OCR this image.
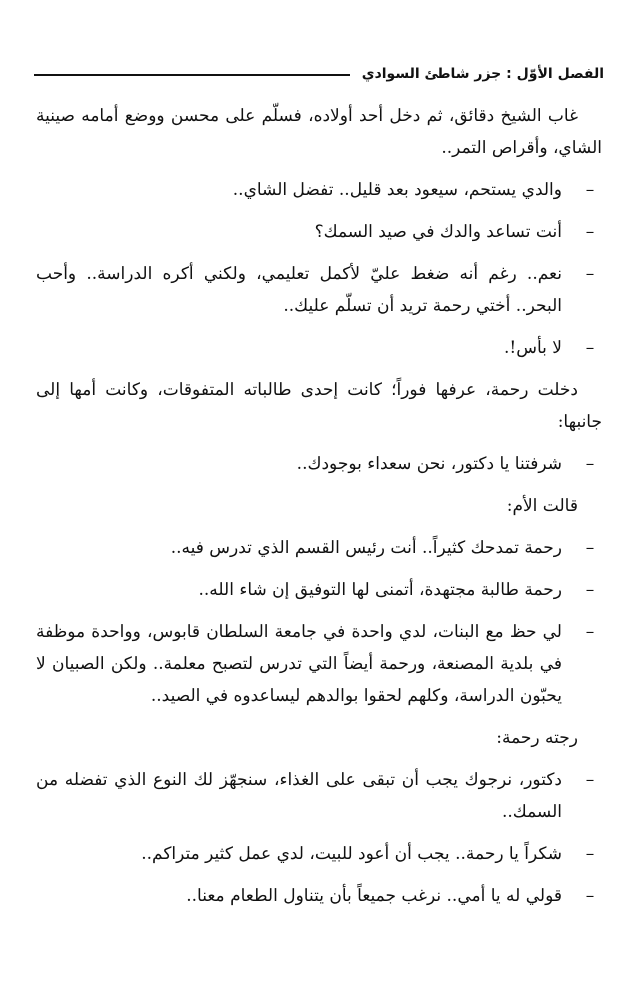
الفصل الأوّل : جزر شاطئ السوادي

غاب الشيخ دقائق، ثم دخل أحد أولاده، فسلّم على محسن ووضع أمامه صينية الشاي، وأقراص التمر..

–
والدي يستحم، سيعود بعد قليل.. تفضل الشاي..
–
أنت تساعد والدك في صيد السمك؟
–
نعم.. رغم أنه ضغط عليّ لأكمل تعليمي، ولكني أكره الدراسة.. وأحب البحر.. أختي رحمة تريد أن تسلّم عليك..
–
لا بأس!.

دخلت رحمة، عرفها فوراً؛ كانت إحدى طالباته المتفوقات، وكانت أمها إلى جانبها:

–
شرفتنا يا دكتور، نحن سعداء بوجودك..

قالت الأم:

–
رحمة تمدحك كثيراً.. أنت رئيس القسم الذي تدرس فيه..
–
رحمة طالبة مجتهدة، أتمنى لها التوفيق إن شاء الله..
–
لي حظ مع البنات، لدي واحدة في جامعة السلطان قابوس، وواحدة موظفة في بلدية المصنعة، ورحمة أيضاً التي تدرس لتصبح معلمة.. ولكن الصبيان لا يحبّون الدراسة، وكلهم لحقوا بوالدهم ليساعدوه في الصيد..

رجته رحمة:

–
دكتور، نرجوك يجب أن تبقى على الغذاء، سنجهّز لك النوع الذي تفضله من السمك..
–
شكراً يا رحمة.. يجب أن أعود للبيت، لدي عمل كثير متراكم..
–
قولي له يا أمي.. نرغب جميعاً بأن يتناول الطعام معنا..
